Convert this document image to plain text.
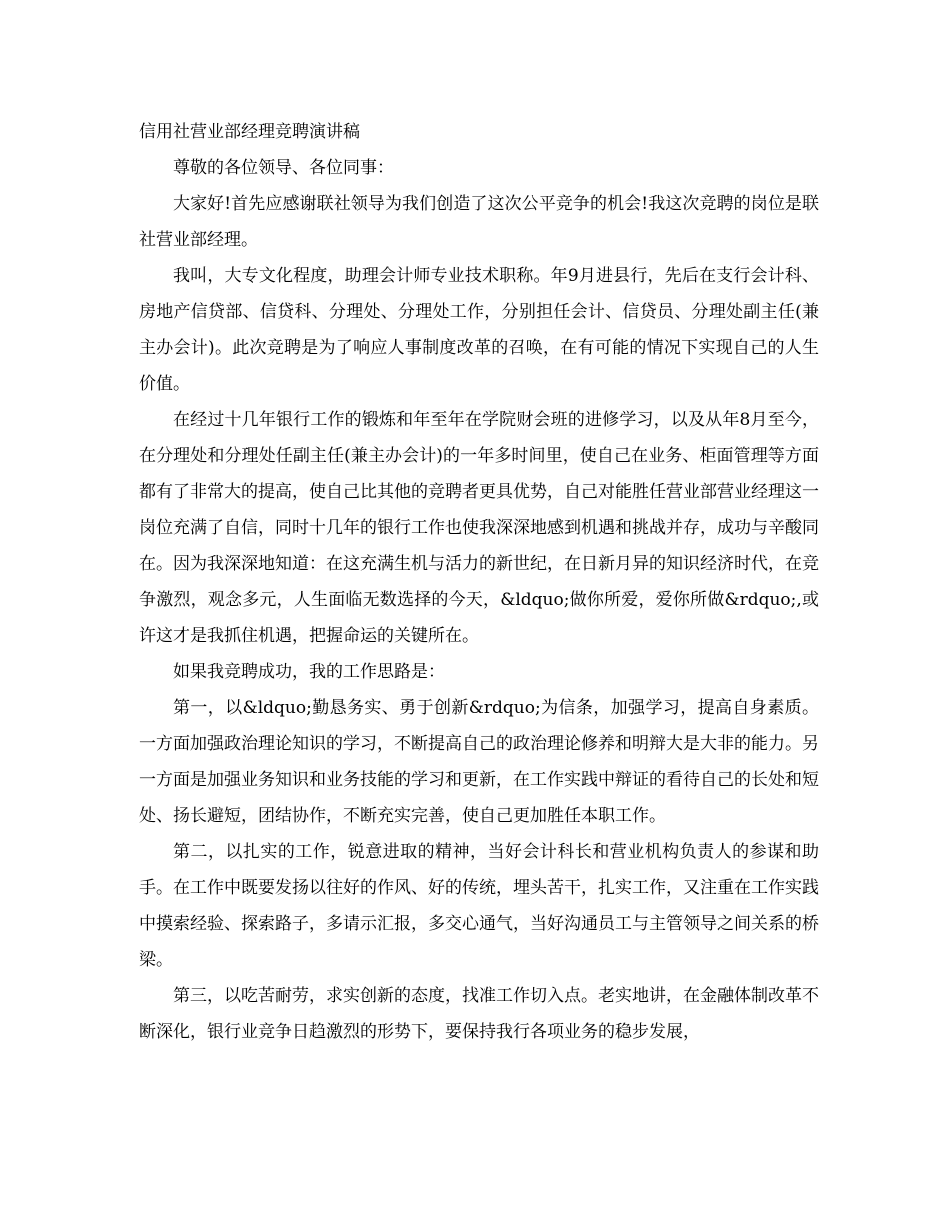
信用社营业部经理竞聘演讲稿

尊敬的各位领导、各位同事：

大家好!首先应感谢联社领导为我们创造了这次公平竞争的机会!我这次竞聘的岗位是联社营业部经理。

我叫，大专文化程度，助理会计师专业技术职称。年9月进县行，先后在支行会计科、房地产信贷部、信贷科、分理处、分理处工作，分别担任会计、信贷员、分理处副主任(兼主办会计)。此次竞聘是为了响应人事制度改革的召唤，在有可能的情况下实现自己的人生价值。

在经过十几年银行工作的锻炼和年至年在学院财会班的进修学习，以及从年8月至今，在分理处和分理处任副主任(兼主办会计)的一年多时间里，使自己在业务、柜面管理等方面都有了非常大的提高，使自己比其他的竞聘者更具优势，自己对能胜任营业部营业经理这一岗位充满了自信，同时十几年的银行工作也使我深深地感到机遇和挑战并存，成功与辛酸同在。因为我深深地知道：在这充满生机与活力的新世纪，在日新月异的知识经济时代，在竞争激烈，观念多元，人生面临无数选择的今天，&ldquo;做你所爱，爱你所做&rdquo;,或许这才是我抓住机遇，把握命运的关键所在。

如果我竞聘成功，我的工作思路是：

第一，以&ldquo;勤恳务实、勇于创新&rdquo;为信条，加强学习，提高自身素质。一方面加强政治理论知识的学习，不断提高自己的政治理论修养和明辩大是大非的能力。另一方面是加强业务知识和业务技能的学习和更新，在工作实践中辩证的看待自己的长处和短处、扬长避短，团结协作，不断充实完善，使自己更加胜任本职工作。

第二，以扎实的工作，锐意进取的精神，当好会计科长和营业机构负责人的参谋和助手。在工作中既要发扬以往好的作风、好的传统，埋头苦干，扎实工作，又注重在工作实践中摸索经验、探索路子，多请示汇报，多交心通气，当好沟通员工与主管领导之间关系的桥梁。

第三，以吃苦耐劳，求实创新的态度，找准工作切入点。老实地讲，在金融体制改革不断深化，银行业竞争日趋激烈的形势下，要保持我行各项业务的稳步发展，
